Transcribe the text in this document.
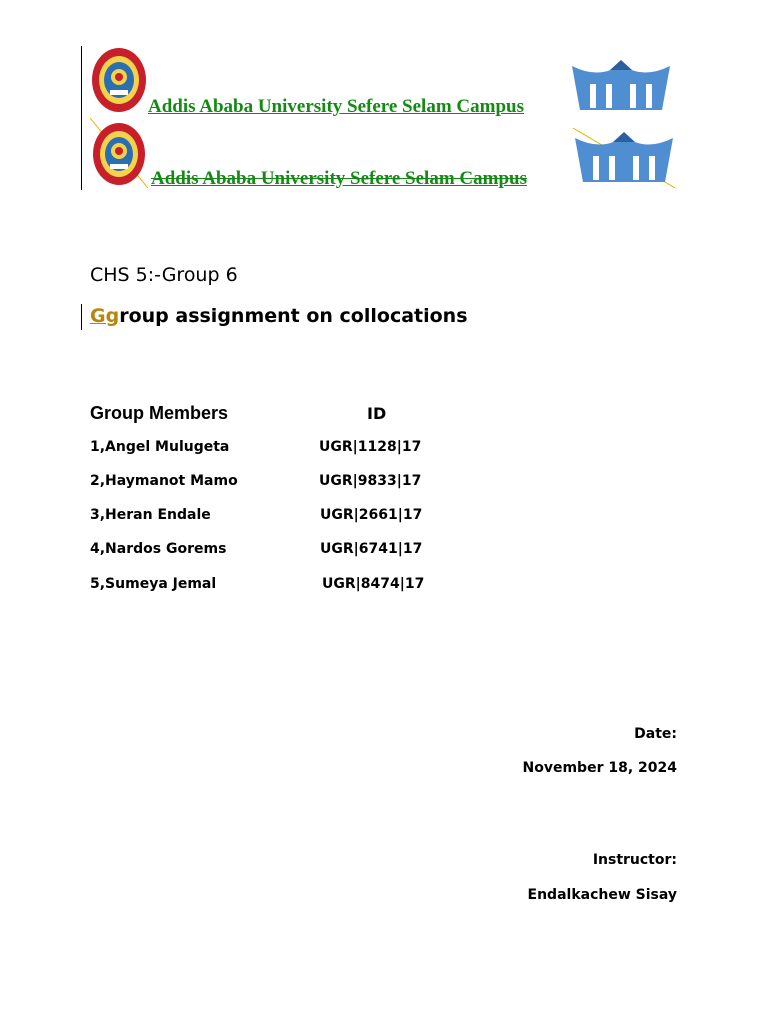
Addis Ababa University Sefere Selam Campus
Addis Ababa University Sefere Selam Campus
CHS 5:-Group 6
Ggroup assignment on collocations
Group Members	ID
1,Angel Mulugeta	UGR|1128|17
2,Haymanot Mamo	UGR|9833|17
3,Heran Endale	UGR|2661|17
4,Nardos Gorems	UGR|6741|17
5,Sumeya Jemal	UGR|8474|17
Date:
November 18, 2024
Instructor:
Endalkachew Sisay
